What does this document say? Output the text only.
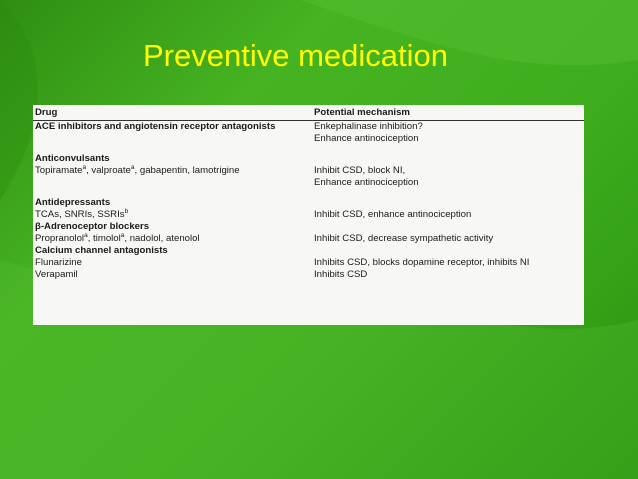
Preventive medication
Drug	Potential mechanism
ACE inhibitors and angiotensin receptor antagonists	Enkephalinase inhibition?
	Enhance antinociception

Anticonvulsants	
Topiramate$^a$, valproate$^a$, gabapentin, lamotrigine	Inhibit CSD, block NI,
	Enhance antinociception

Antidepressants	
TCAs, SNRIs, SSRIs$^b$	Inhibit CSD, enhance antinociception
β-Adrenoceptor blockers	
Propranolol$^a$, timolol$^a$, nadolol, atenolol	Inhibit CSD, decrease sympathetic activity
Calcium channel antagonists	
Flunarizine	Inhibits CSD, blocks dopamine receptor, inhibits NI
Verapamil	Inhibits CSD
